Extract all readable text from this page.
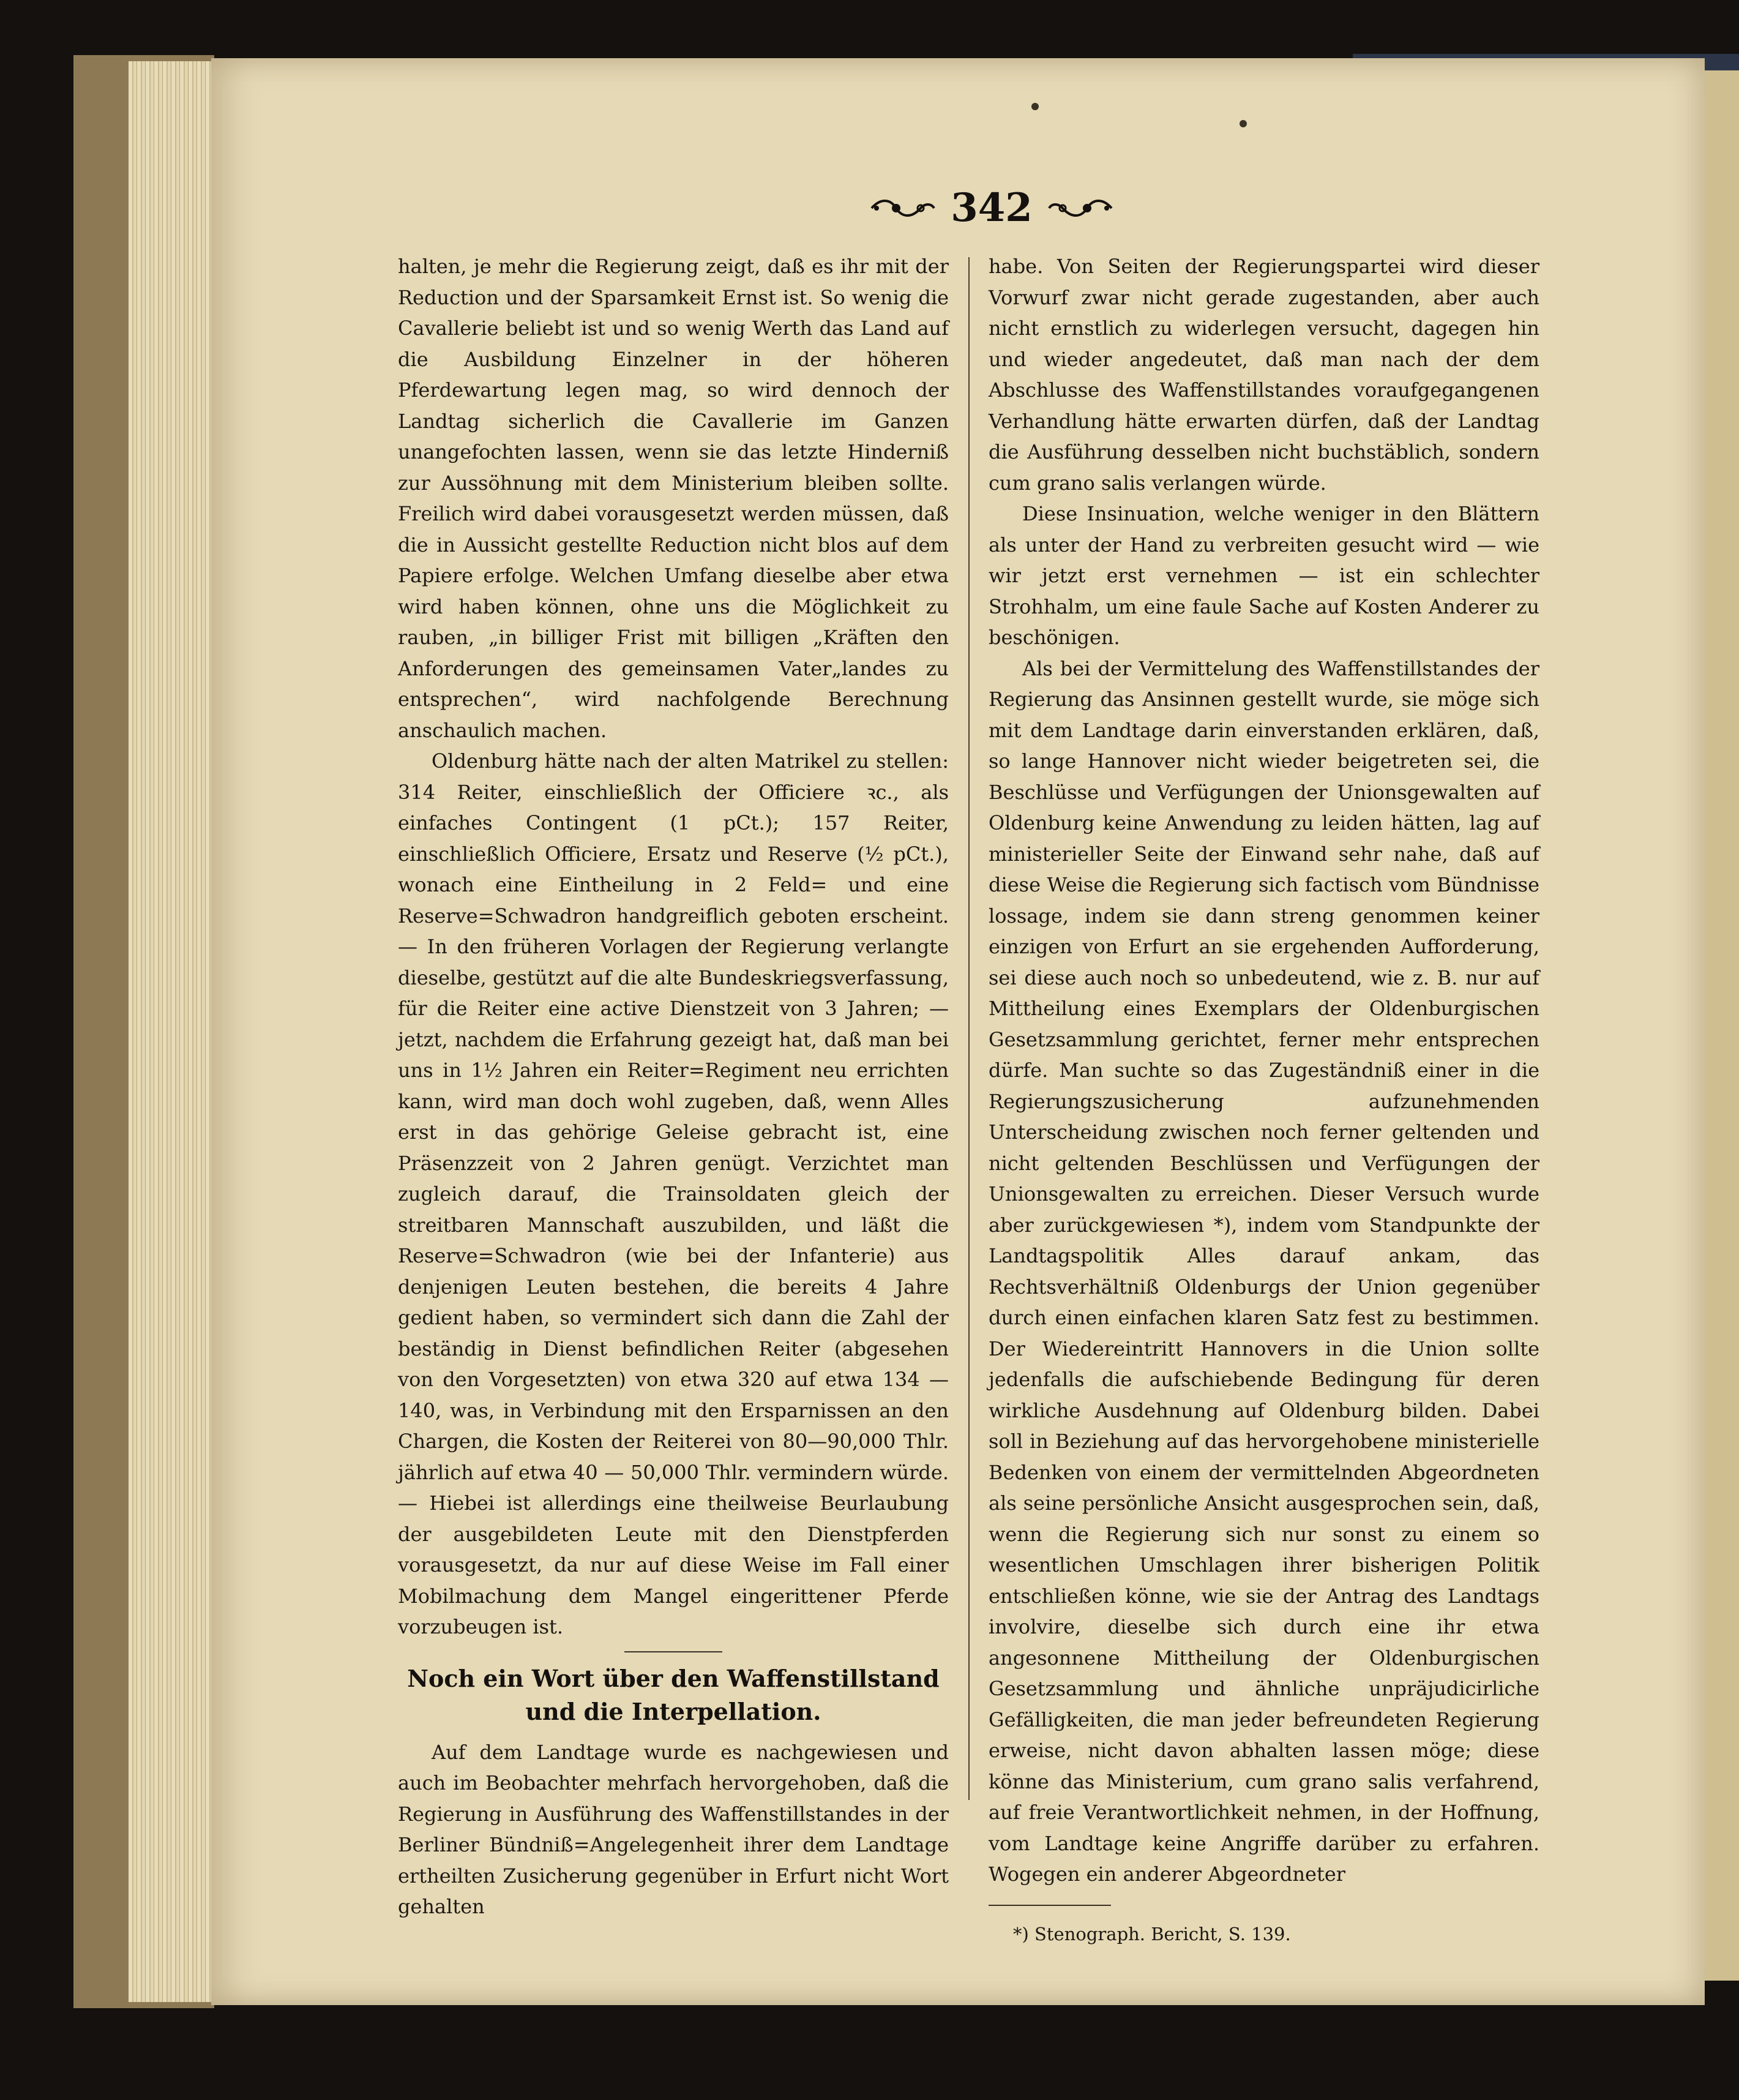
342

halten, je mehr die Regierung zeigt, daß es ihr mit der Reduction und der Sparsamkeit Ernst ist. So wenig die Cavallerie beliebt ist und so wenig Werth das Land auf die Ausbildung Einzelner in der höheren Pferdewartung legen mag, so wird dennoch der Landtag sicherlich die Cavallerie im Ganzen unangefochten lassen, wenn sie das letzte Hinderniß zur Aussöhnung mit dem Ministerium bleiben sollte. Freilich wird dabei vorausgesetzt werden müssen, daß die in Aussicht gestellte Reduction nicht blos auf dem Papiere erfolge. Welchen Umfang dieselbe aber etwa wird haben können, ohne uns die Möglichkeit zu rauben, „in billiger Frist mit billigen „Kräften den Anforderungen des gemeinsamen Vater„landes zu entsprechen“, wird nachfolgende Berechnung anschaulich machen.

Oldenburg hätte nach der alten Matrikel zu stellen: 314 Reiter, einschließlich der Officiere ꝛc., als einfaches Contingent (1 pCt.); 157 Reiter, einschließlich Officiere, Ersatz und Reserve (½ pCt.), wonach eine Eintheilung in 2 Feld= und eine Reserve=Schwadron handgreiflich geboten erscheint. — In den früheren Vorlagen der Regierung verlangte dieselbe, gestützt auf die alte Bundeskriegsverfassung, für die Reiter eine active Dienstzeit von 3 Jahren; — jetzt, nachdem die Erfahrung gezeigt hat, daß man bei uns in 1½ Jahren ein Reiter=Regiment neu errichten kann, wird man doch wohl zugeben, daß, wenn Alles erst in das gehörige Geleise gebracht ist, eine Präsenzzeit von 2 Jahren genügt. Verzichtet man zugleich darauf, die Trainsoldaten gleich der streitbaren Mannschaft auszubilden, und läßt die Reserve=Schwadron (wie bei der Infanterie) aus denjenigen Leuten bestehen, die bereits 4 Jahre gedient haben, so vermindert sich dann die Zahl der beständig in Dienst befindlichen Reiter (abgesehen von den Vorgesetzten) von etwa 320 auf etwa 134 — 140, was, in Verbindung mit den Ersparnissen an den Chargen, die Kosten der Reiterei von 80—90,000 Thlr. jährlich auf etwa 40 — 50,000 Thlr. vermindern würde. — Hiebei ist allerdings eine theilweise Beurlaubung der ausgebildeten Leute mit den Dienstpferden vorausgesetzt, da nur auf diese Weise im Fall einer Mobilmachung dem Mangel eingerittener Pferde vorzubeugen ist.

Noch ein Wort über den Waffenstillstand und die Interpellation.

Auf dem Landtage wurde es nachgewiesen und auch im Beobachter mehrfach hervorgehoben, daß die Regierung in Ausführung des Waffenstillstandes in der Berliner Bündniß=Angelegenheit ihrer dem Landtage ertheilten Zusicherung gegenüber in Erfurt nicht Wort gehalten

habe. Von Seiten der Regierungspartei wird dieser Vorwurf zwar nicht gerade zugestanden, aber auch nicht ernstlich zu widerlegen versucht, dagegen hin und wieder angedeutet, daß man nach der dem Abschlusse des Waffenstillstandes voraufgegangenen Verhandlung hätte erwarten dürfen, daß der Landtag die Ausführung desselben nicht buchstäblich, sondern cum grano salis verlangen würde.

Diese Insinuation, welche weniger in den Blättern als unter der Hand zu verbreiten gesucht wird — wie wir jetzt erst vernehmen — ist ein schlechter Strohhalm, um eine faule Sache auf Kosten Anderer zu beschönigen.

Als bei der Vermittelung des Waffenstillstandes der Regierung das Ansinnen gestellt wurde, sie möge sich mit dem Landtage darin einverstanden erklären, daß, so lange Hannover nicht wieder beigetreten sei, die Beschlüsse und Verfügungen der Unionsgewalten auf Oldenburg keine Anwendung zu leiden hätten, lag auf ministerieller Seite der Einwand sehr nahe, daß auf diese Weise die Regierung sich factisch vom Bündnisse lossage, indem sie dann streng genommen keiner einzigen von Erfurt an sie ergehenden Aufforderung, sei diese auch noch so unbedeutend, wie z. B. nur auf Mittheilung eines Exemplars der Oldenburgischen Gesetzsammlung gerichtet, ferner mehr entsprechen dürfe. Man suchte so das Zugeständniß einer in die Regierungszusicherung aufzunehmenden Unterscheidung zwischen noch ferner geltenden und nicht geltenden Beschlüssen und Verfügungen der Unionsgewalten zu erreichen. Dieser Versuch wurde aber zurückgewiesen *), indem vom Standpunkte der Landtagspolitik Alles darauf ankam, das Rechtsverhältniß Oldenburgs der Union gegenüber durch einen einfachen klaren Satz fest zu bestimmen. Der Wiedereintritt Hannovers in die Union sollte jedenfalls die aufschiebende Bedingung für deren wirkliche Ausdehnung auf Oldenburg bilden. Dabei soll in Beziehung auf das hervorgehobene ministerielle Bedenken von einem der vermittelnden Abgeordneten als seine persönliche Ansicht ausgesprochen sein, daß, wenn die Regierung sich nur sonst zu einem so wesentlichen Umschlagen ihrer bisherigen Politik entschließen könne, wie sie der Antrag des Landtags involvire, dieselbe sich durch eine ihr etwa angesonnene Mittheilung der Oldenburgischen Gesetzsammlung und ähnliche unpräjudicirliche Gefälligkeiten, die man jeder befreundeten Regierung erweise, nicht davon abhalten lassen möge; diese könne das Ministerium, cum grano salis verfahrend, auf freie Verantwortlichkeit nehmen, in der Hoffnung, vom Landtage keine Angriffe darüber zu erfahren. Wogegen ein anderer Abgeordneter

*) Stenograph. Bericht, S. 139.
